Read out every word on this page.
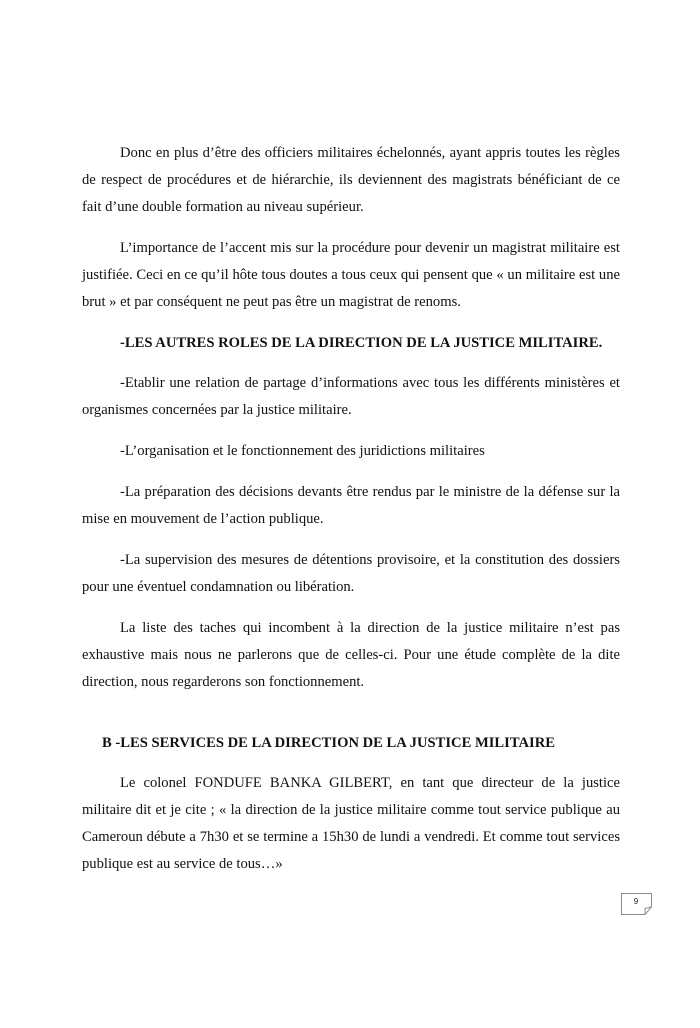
Donc en plus d’être des officiers militaires échelonnés, ayant appris toutes les règles de respect de procédures et de hiérarchie, ils deviennent des magistrats bénéficiant de ce fait d’une double formation au niveau supérieur.

L’importance de l’accent mis sur la procédure pour devenir un magistrat militaire est justifiée. Ceci en ce qu’il hôte tous doutes a tous ceux qui pensent que « un militaire est une brut » et par conséquent ne peut pas être un magistrat de renoms.

-LES AUTRES ROLES DE LA DIRECTION DE LA JUSTICE MILITAIRE.

-Etablir une relation de partage d’informations avec tous les différents ministères et organismes concernées par la justice militaire.

-L’organisation et le fonctionnement des juridictions militaires

-La préparation des décisions devants être rendus par le ministre de la défense sur la mise en mouvement de l’action publique.

-La supervision des mesures de détentions provisoire, et la constitution des dossiers pour une éventuel condamnation ou libération.

La liste des taches qui incombent à la direction de la justice militaire n’est pas exhaustive mais nous ne parlerons que de celles-ci. Pour une étude complète de la dite direction, nous regarderons son fonctionnement.

B -LES SERVICES DE LA DIRECTION DE LA JUSTICE MILITAIRE

Le colonel FONDUFE BANKA GILBERT, en tant que directeur de la justice militaire dit et je cite ; « la direction de la justice militaire comme tout service publique au Cameroun débute a 7h30 et se termine a 15h30 de lundi a vendredi. Et comme tout services publique est au service de tous…»

9
